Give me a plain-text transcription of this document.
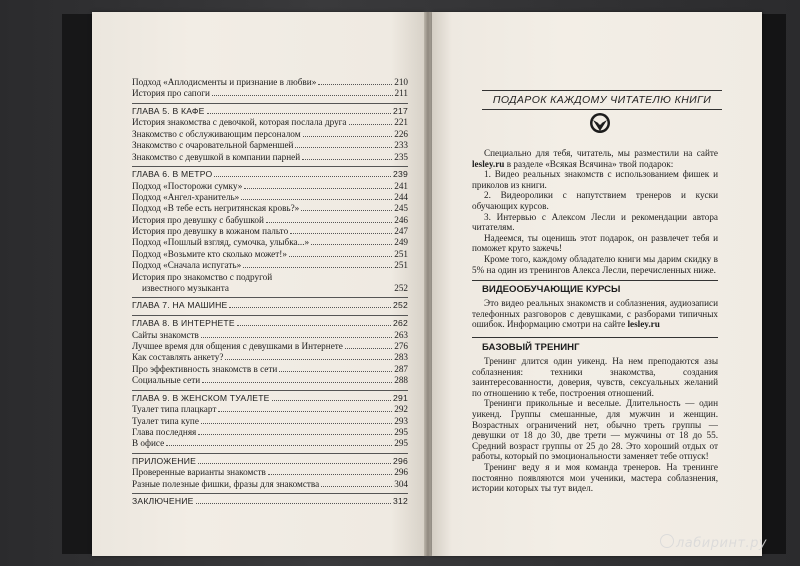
Подход «Аплодисменты и признание в любви»	210
История про сапоги	211
ГЛАВА 5. В КАФЕ	217
История знакомства с девочкой, которая послала друга	221
Знакомство с обслуживающим персоналом	226
Знакомство с очаровательной барменшей	233
Знакомство с девушкой в компании парней	235
ГЛАВА 6. В МЕТРО	239
Подход «Посторожи сумку»	241
Подход «Ангел-хранитель»	244
Подход «В тебе есть негритянская кровь?»	245
История про девушку с бабушкой	246
История про девушку в кожаном пальто	247
Подход «Пошлый взгляд, сумочка, улыбка...»	249
Подход «Возьмите кто сколько может!»	251
Подход «Сначала испугать»	251
История про знакомство с подругой
известного музыканта	252
ГЛАВА 7. НА МАШИНЕ	252
ГЛАВА 8. В ИНТЕРНЕТЕ	262
Сайты знакомств	263
Лучшее время для общения с девушками в Интернете	276
Как составлять анкету?	283
Про эффективность знакомств в сети	287
Социальные сети	288
ГЛАВА 9. В ЖЕНСКОМ ТУАЛЕТЕ	291
Туалет типа плацкарт	292
Туалет типа купе	293
Глава последняя	295
В офисе	295
ПРИЛОЖЕНИЕ	296
Проверенные варианты знакомств	296
Разные полезные фишки, фразы для знакомства	304
ЗАКЛЮЧЕНИЕ	312
ПОДАРОК КАЖДОМУ ЧИТАТЕЛЮ КНИГИ

Специально для тебя, читатель, мы разместили на сайте lesley.ru в разделе «Всякая Всячина» твой подарок:

1. Видео реальных знакомств с использованием фишек и приколов из книги.

2. Видеоролики с напутствием тренеров и куски обучающих курсов.

3. Интервью с Алексом Лесли и рекомендации автора читателям.

Надеемся, ты оценишь этот подарок, он развлечет тебя и поможет круто зажечь!

Кроме того, каждому обладателю книги мы дарим скидку в 5% на один из тренингов Алекса Лесли, перечисленных ниже.

ВИДЕООБУЧАЮЩИЕ КУРСЫ

Это видео реальных знакомств и соблазнения, аудиозаписи телефонных разговоров с девушками, с разборами типичных ошибок. Информацию смотри на сайте lesley.ru

БАЗОВЫЙ ТРЕНИНГ

Тренинг длится один уикенд. На нем преподаются азы соблазнения: техники знакомства, создания заинтересованности, доверия, чувств, сексуальных желаний по отношению к тебе, построения отношений.

Тренинги прикольные и веселые. Длительность — один уикенд. Группы смешанные, для мужчин и женщин. Возрастных ограничений нет, обычно треть группы — девушки от 18 до 30, две трети — мужчины от 18 до 55. Средний возраст группы от 25 до 28. Это хороший отдых от работы, который по эмоциональности заменяет тебе отпуск!

Тренинг веду я и моя команда тренеров. На тренинге постоянно появляются мои ученики, мастера соблазнения, истории которых ты тут видел.

лабиринт.ру
